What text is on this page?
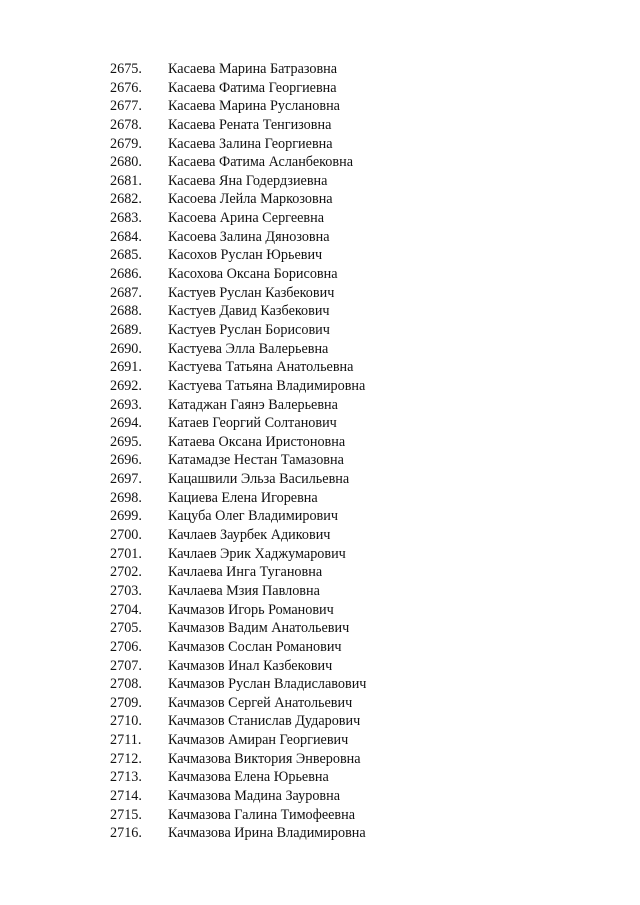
2675. Касаева Марина Батразовна
2676. Касаева Фатима Георгиевна
2677. Касаева Марина Руслановна
2678. Касаева Рената Тенгизовна
2679. Касаева Залина Георгиевна
2680. Касаева Фатима Асланбековна
2681. Касаева Яна Годердзиевна
2682. Касоева Лейла Маркозовна
2683. Касоева Арина Сергеевна
2684. Касоева Залина Дянозовна
2685. Касохов Руслан Юрьевич
2686. Касохова Оксана Борисовна
2687. Кастуев Руслан Казбекович
2688. Кастуев Давид Казбекович
2689. Кастуев Руслан Борисович
2690. Кастуева Элла Валерьевна
2691. Кастуева Татьяна Анатольевна
2692. Кастуева Татьяна Владимировна
2693. Катаджан Гаянэ Валерьевна
2694. Катаев Георгий Солтанович
2695. Катаева Оксана Иристоновна
2696. Катамадзе Нестан Тамазовна
2697. Кацашвили Эльза Васильевна
2698. Кациева Елена Игоревна
2699. Кацуба Олег Владимирович
2700. Качлаев Заурбек Адикович
2701. Качлаев Эрик Хаджумарович
2702. Качлаева Инга Тугановна
2703. Качлаева Мзия Павловна
2704. Качмазов Игорь Романович
2705. Качмазов Вадим Анатольевич
2706. Качмазов Сослан Романович
2707. Качмазов Инал Казбекович
2708. Качмазов Руслан Владиславович
2709. Качмазов Сергей Анатольевич
2710. Качмазов Станислав Дударович
2711. Качмазов Амиран Георгиевич
2712. Качмазова Виктория Энверовна
2713. Качмазова Елена Юрьевна
2714. Качмазова Мадина Зауровна
2715. Качмазова Галина Тимофеевна
2716. Качмазова Ирина Владимировна
